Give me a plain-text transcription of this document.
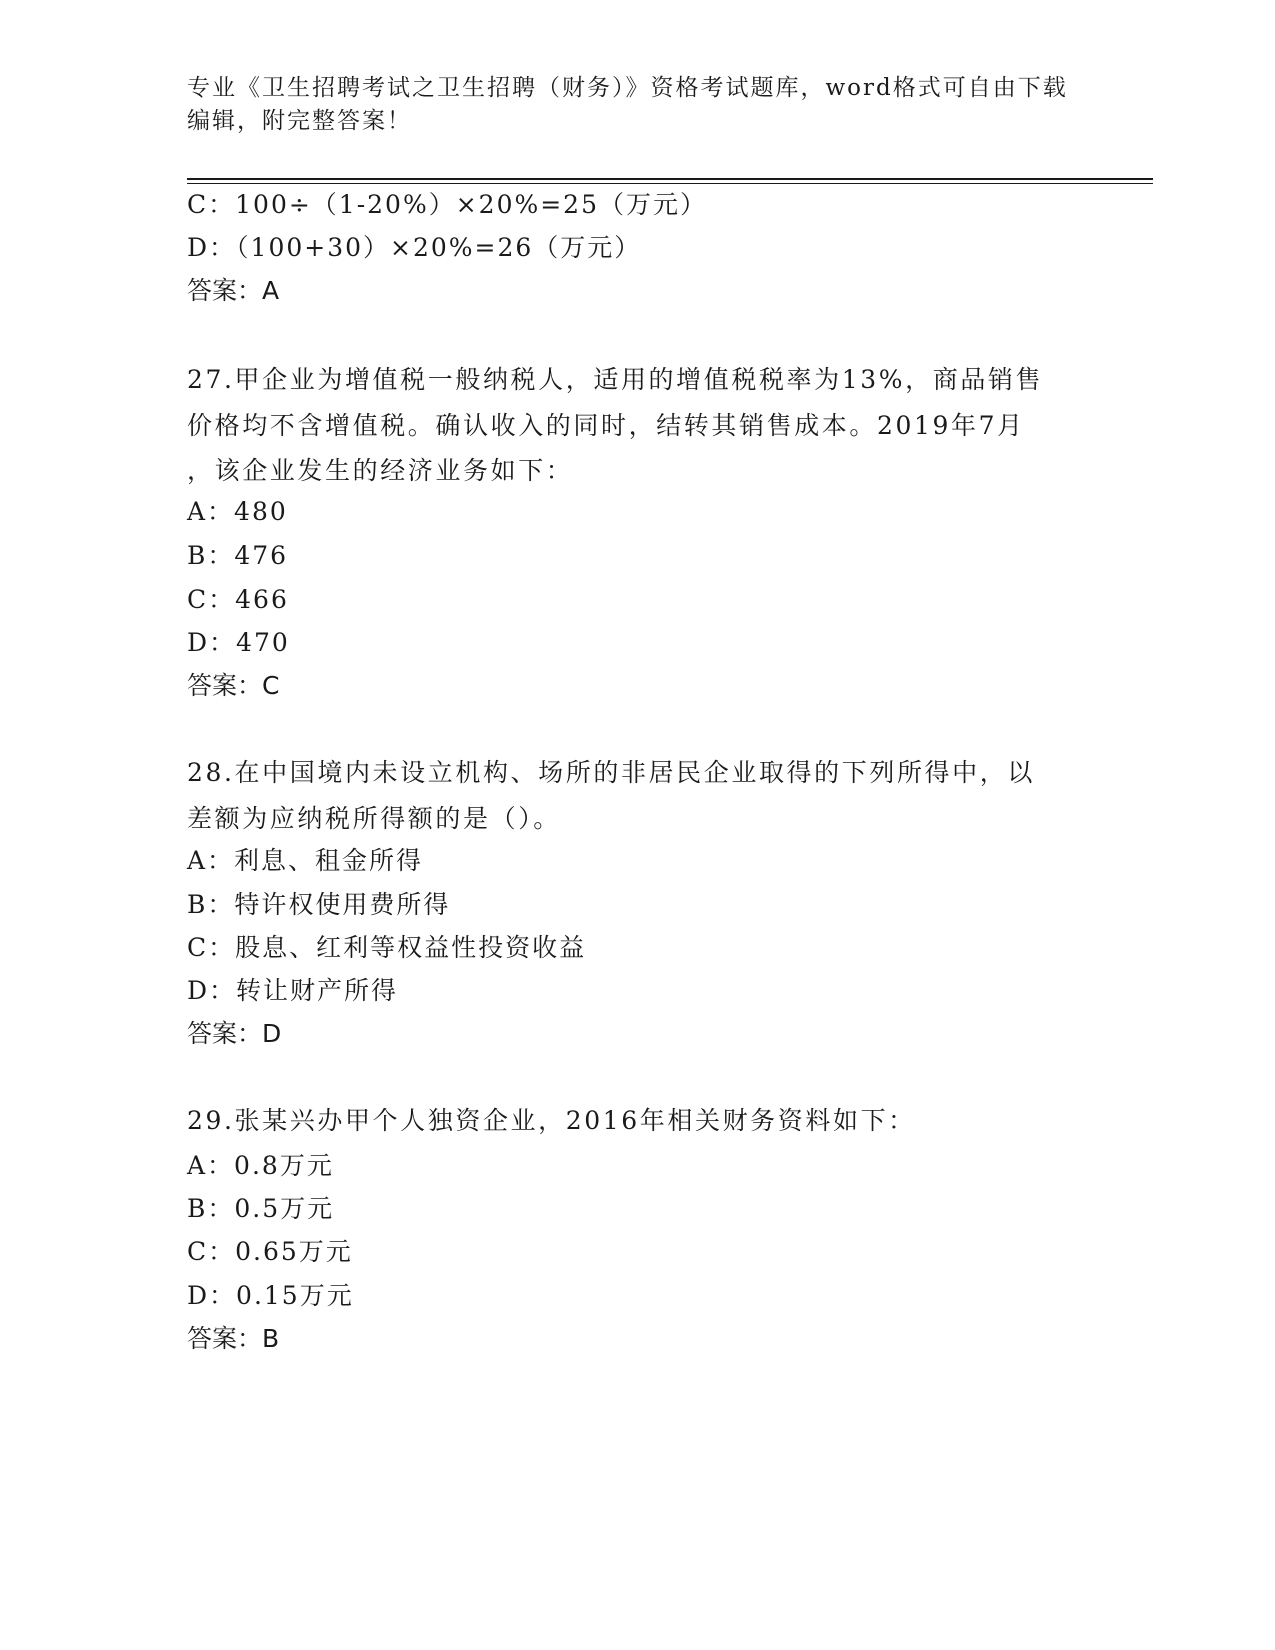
专业《卫生招聘考试之卫生招聘（财务）》资格考试题库，word格式可自由下载
编辑，附完整答案！
C：100÷（1-20%）×20%=25（万元）
D：（100+30）×20%=26（万元）
答案：A
27.甲企业为增值税一般纳税人，适用的增值税税率为13%，商品销售
价格均不含增值税。确认收入的同时，结转其销售成本。2019年7月
，该企业发生的经济业务如下：
A：480
B：476
C：466
D：470
答案：C
28.在中国境内未设立机构、场所的非居民企业取得的下列所得中，以
差额为应纳税所得额的是（）。
A：利息、租金所得
B：特许权使用费所得
C：股息、红利等权益性投资收益
D：转让财产所得
答案：D
29.张某兴办甲个人独资企业，2016年相关财务资料如下：
A：0.8万元
B：0.5万元
C：0.65万元
D：0.15万元
答案：B
